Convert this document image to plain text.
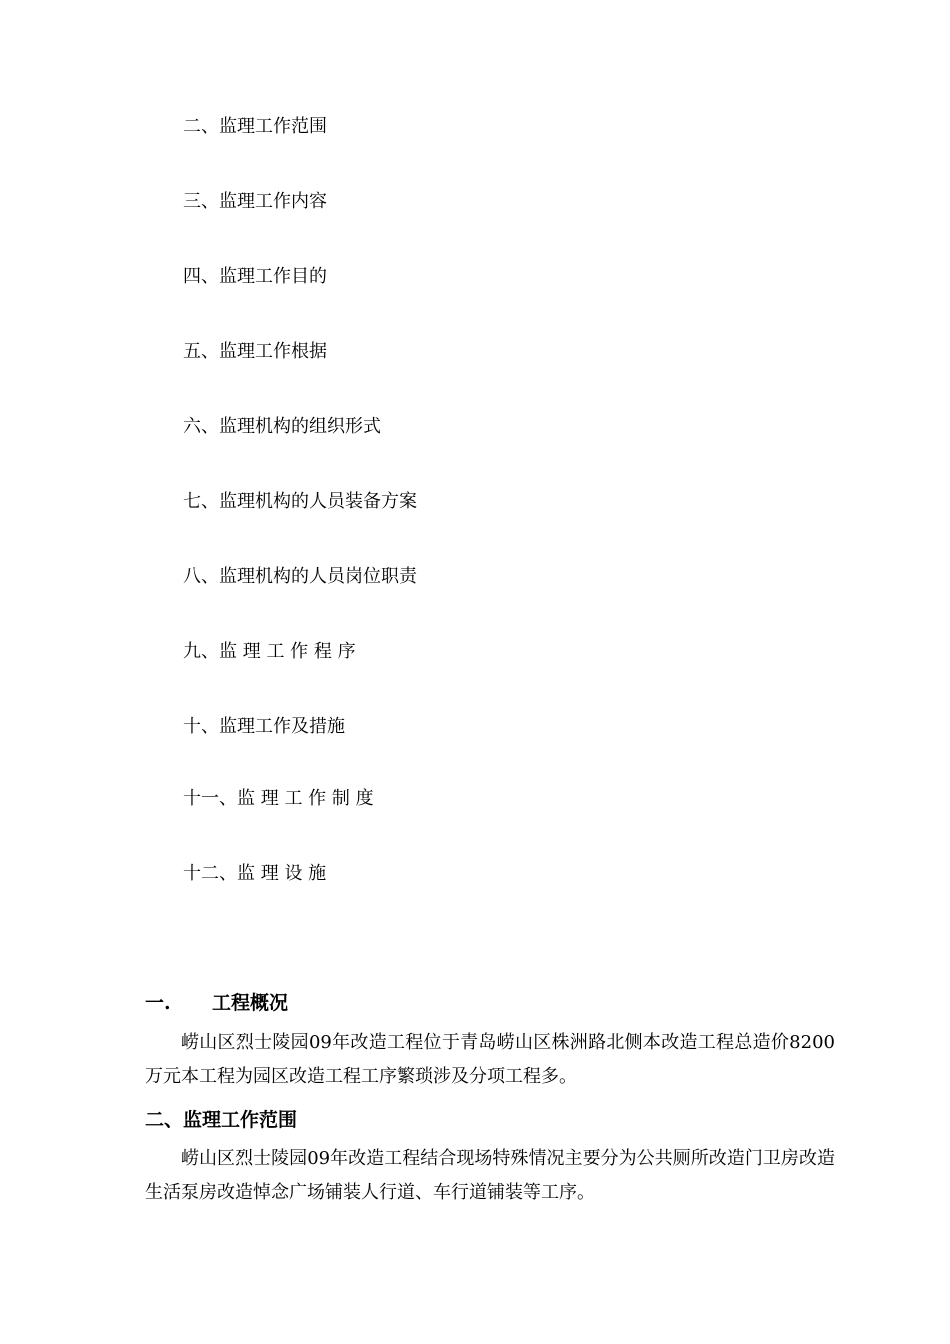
二、监理工作范围
三、监理工作内容
四、监理工作目的
五、监理工作根据
六、监理机构的组织形式
七、监理机构的人员装备方案
八、监理机构的人员岗位职责
九、监 理 工 作 程 序
十、监理工作及措施
十一、监 理 工 作 制 度
十二、监 理 设 施
一. 工程概况
崂山区烈士陵园09年改造工程位于青岛崂山区株洲路北侧本改造工程总造价8200万元本工程为园区改造工程工序繁琐涉及分项工程多。
二、监理工作范围
崂山区烈士陵园09年改造工程结合现场特殊情况主要分为公共厕所改造门卫房改造生活泵房改造悼念广场铺装人行道、车行道铺装等工序。
